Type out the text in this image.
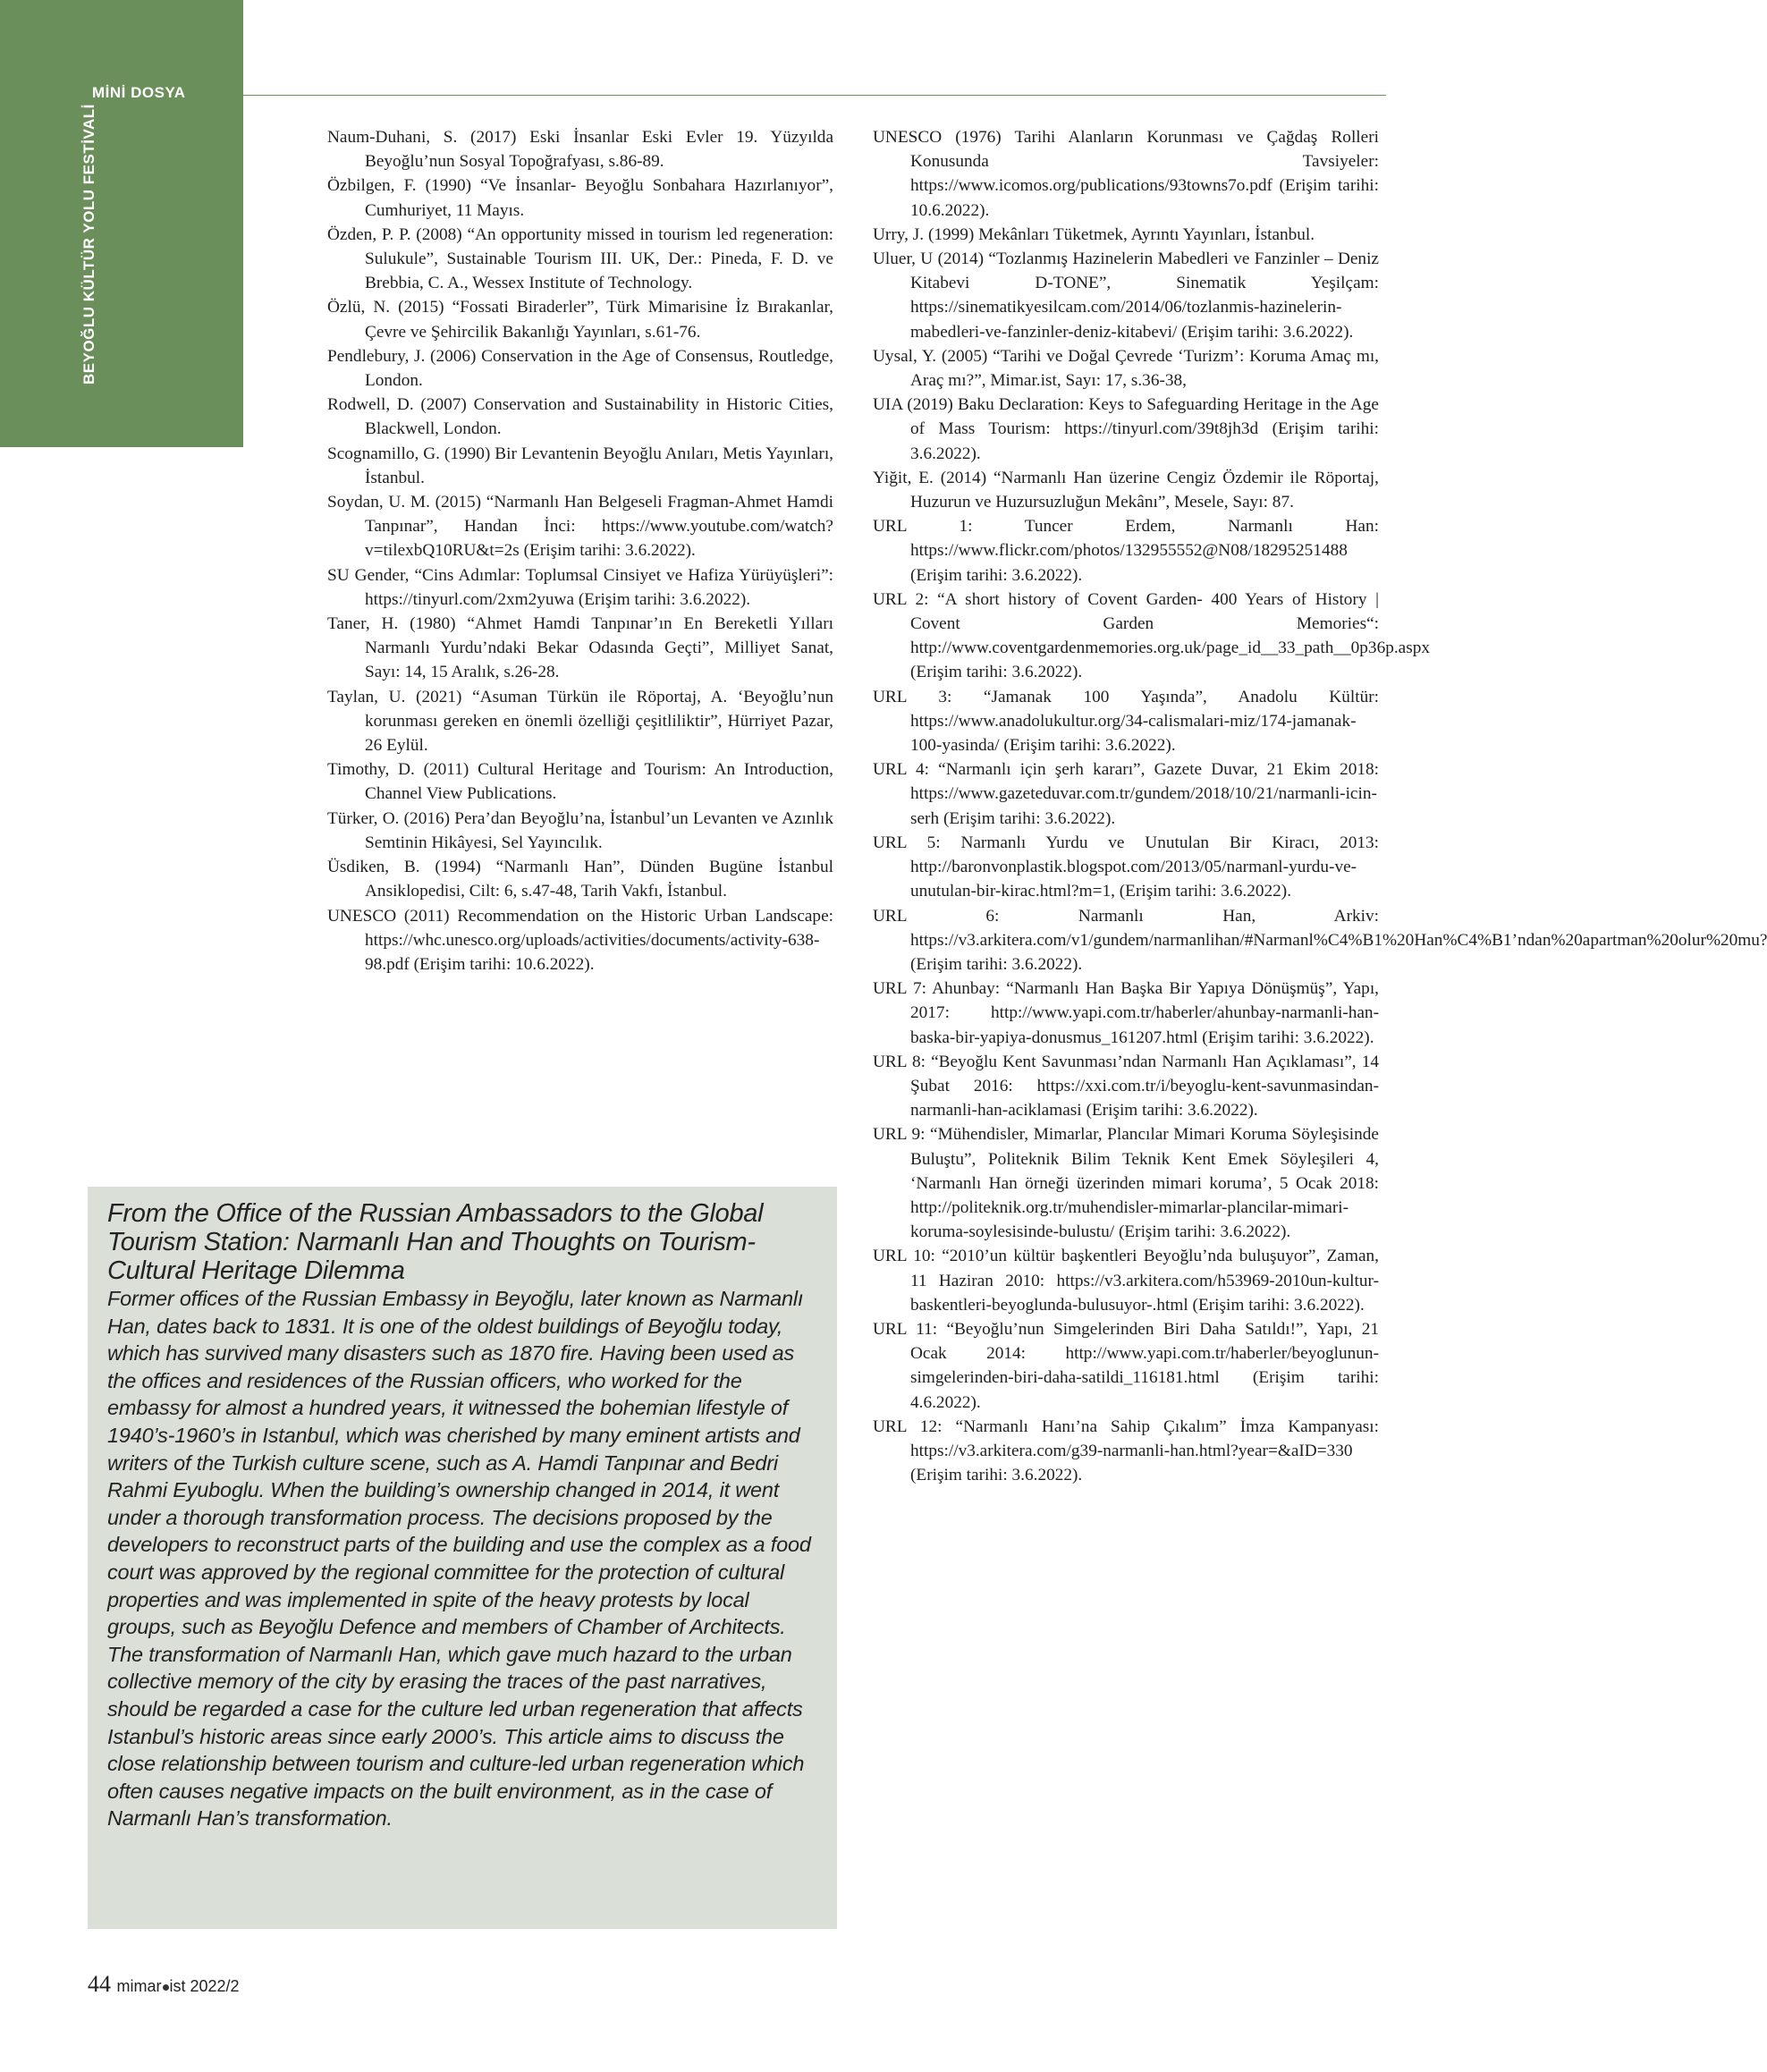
MİNİ DOSYA
BEYOĞLU KÜLTÜR YOLU FESTİVALİ	Naum-Duhani, S. (2017) Eski İnsanlar Eski Evler 19. Yüzyılda Beyoğlu’nun Sosyal Topoğrafyası, s.86-89.

Özbilgen, F. (1990) “Ve İnsanlar- Beyoğlu Sonbahara Hazırlanıyor”, Cumhuriyet, 11 Mayıs.

Özden, P. P. (2008) “An opportunity missed in tourism led regeneration: Sulukule”, Sustainable Tourism III. UK, Der.: Pineda, F. D. ve Brebbia, C. A., Wessex Institute of Technology.

Özlü, N. (2015) “Fossati Biraderler”, Türk Mimarisine İz Bırakanlar, Çevre ve Şehircilik Bakanlığı Yayınları, s.61-76.

Pendlebury, J. (2006) Conservation in the Age of Consensus, Routledge, London.

Rodwell, D. (2007) Conservation and Sustainability in Historic Cities, Blackwell, London.

Scognamillo, G. (1990) Bir Levantenin Beyoğlu Anıları, Metis Yayınları, İstanbul.

Soydan, U. M. (2015) “Narmanlı Han Belgeseli Fragman-Ahmet Hamdi Tanpınar”, Handan İnci: https://www.youtube.com/watch?v=tilexbQ10RU&t=2s (Erişim tarihi: 3.6.2022).

SU Gender, “Cins Adımlar: Toplumsal Cinsiyet ve Hafiza Yürüyüşleri”: https://tinyurl.com/2xm2yuwa (Erişim tarihi: 3.6.2022).

Taner, H. (1980) “Ahmet Hamdi Tanpınar’ın En Bereketli Yılları Narmanlı Yurdu’ndaki Bekar Odasında Geçti”, Milliyet Sanat, Sayı: 14, 15 Aralık, s.26-28.

Taylan, U. (2021) “Asuman Türkün ile Röportaj, A. ‘Beyoğlu’nun korunması gereken en önemli özelliği çeşitliliktir”, Hürriyet Pazar, 26 Eylül.

Timothy, D. (2011) Cultural Heritage and Tourism: An Introduction, Channel View Publications.

Türker, O. (2016) Pera’dan Beyoğlu’na, İstanbul’un Levanten ve Azınlık Semtinin Hikâyesi, Sel Yayıncılık.

Üsdiken, B. (1994) “Narmanlı Han”, Dünden Bugüne İstanbul Ansiklopedisi, Cilt: 6, s.47-48, Tarih Vakfı, İstanbul.

UNESCO (2011) Recommendation on the Historic Urban Landscape: https://whc.unesco.org/uploads/activities/documents/activity-638-98.pdf (Erişim tarihi: 10.6.2022).

UNESCO (1976) Tarihi Alanların Korunması ve Çağdaş Rolleri Konusunda Tavsiyeler: https://www.icomos.org/publications/93towns7o.pdf (Erişim tarihi: 10.6.2022).

Urry, J. (1999) Mekânları Tüketmek, Ayrıntı Yayınları, İstanbul.

Uluer, U (2014) “Tozlanmış Hazinelerin Mabedleri ve Fanzinler – Deniz Kitabevi D-TONE”, Sinematik Yeşilçam: https://sinematikyesilcam.com/2014/06/tozlanmis-hazinelerin-mabedleri-ve-fanzinler-deniz-kitabevi/ (Erişim tarihi: 3.6.2022).

Uysal, Y. (2005) “Tarihi ve Doğal Çevrede ‘Turizm’: Koruma Amaç mı, Araç mı?”, Mimar.ist, Sayı: 17, s.36-38,

UIA (2019) Baku Declaration: Keys to Safeguarding Heritage in the Age of Mass Tourism: https://tinyurl.com/39t8jh3d (Erişim tarihi: 3.6.2022).

Yiğit, E. (2014) “Narmanlı Han üzerine Cengiz Özdemir ile Röportaj, Huzurun ve Huzursuzluğun Mekânı”, Mesele, Sayı: 87.

URL 1: Tuncer Erdem, Narmanlı Han: https://www.flickr.com/photos/132955552@N08/18295251488 (Erişim tarihi: 3.6.2022).

URL 2: “A short history of Covent Garden- 400 Years of History | Covent Garden Memories“: http://www.coventgardenmemories.org.uk/page_id__33_path__0p36p.aspx (Erişim tarihi: 3.6.2022).

URL 3: “Jamanak 100 Yaşında”, Anadolu Kültür: https://www.anadolukultur.org/34-calismalari-miz/174-jamanak-100-yasinda/ (Erişim tarihi: 3.6.2022).

URL 4: “Narmanlı için şerh kararı”, Gazete Duvar, 21 Ekim 2018: https://www.gazeteduvar.com.tr/gundem/2018/10/21/narmanli-icin-serh (Erişim tarihi: 3.6.2022).

URL 5: Narmanlı Yurdu ve Unutulan Bir Kiracı, 2013: http://baronvonplastik.blogspot.com/2013/05/narmanl-yurdu-ve-unutulan-bir-kirac.html?m=1, (Erişim tarihi: 3.6.2022).

URL 6: Narmanlı Han, Arkiv: https://v3.arkitera.com/v1/gundem/narmanlihan/#Narmanl%C4%B1%20Han%C4%B1’ndan%20apartman%20olur%20mu? (Erişim tarihi: 3.6.2022).

URL 7: Ahunbay: “Narmanlı Han Başka Bir Yapıya Dönüşmüş”, Yapı, 2017: http://www.yapi.com.tr/haberler/ahunbay-narmanli-han-baska-bir-yapiya-donusmus_161207.html (Erişim tarihi: 3.6.2022).

URL 8: “Beyoğlu Kent Savunması’ndan Narmanlı Han Açıklaması”, 14 Şubat 2016: https://xxi.com.tr/i/beyoglu-kent-savunmasindan-narmanli-han-aciklamasi (Erişim tarihi: 3.6.2022).

URL 9: “Mühendisler, Mimarlar, Plancılar Mimari Koruma Söyleşisinde Buluştu”, Politeknik Bilim Teknik Kent Emek Söyleşileri 4, ‘Narmanlı Han örneği üzerinden mimari koruma’, 5 Ocak 2018: http://politeknik.org.tr/muhendisler-mimarlar-plancilar-mimari-koruma-soylesisinde-bulustu/ (Erişim tarihi: 3.6.2022).

URL 10: “2010’un kültür başkentleri Beyoğlu’nda buluşuyor”, Zaman, 11 Haziran 2010: https://v3.arkitera.com/h53969-2010un-kultur-baskentleri-beyoglunda-bulusuyor-.html (Erişim tarihi: 3.6.2022).

URL 11: “Beyoğlu’nun Simgelerinden Biri Daha Satıldı!”, Yapı, 21 Ocak 2014: http://www.yapi.com.tr/haberler/beyoglunun-simgelerinden-biri-daha-satildi_116181.html (Erişim tarihi: 4.6.2022).

URL 12: “Narmanlı Hanı’na Sahip Çıkalım” İmza Kampanyası: https://v3.arkitera.com/g39-narmanli-han.html?year=&aID=330 (Erişim tarihi: 3.6.2022).

From the Office of the Russian Ambassadors to the Global Tourism Station: Narmanlı Han and Thoughts on Tourism-Cultural Heritage Dilemma

Former offices of the Russian Embassy in Beyoğlu, later known as Narmanlı Han, dates back to 1831. It is one of the oldest buildings of Beyoğlu today, which has survived many disasters such as 1870 fire. Having been used as the offices and residences of the Russian officers, who worked for the embassy for almost a hundred years, it witnessed the bohemian lifestyle of 1940’s-1960’s in Istanbul, which was cherished by many eminent artists and writers of the Turkish culture scene, such as A. Hamdi Tanpınar and Bedri Rahmi Eyuboglu. When the building’s ownership changed in 2014, it went under a thorough transformation process. The decisions proposed by the developers to reconstruct parts of the building and use the complex as a food court was approved by the regional committee for the protection of cultural properties and was implemented in spite of the heavy protests by local groups, such as Beyoğlu Defence and members of Chamber of Architects. The transformation of Narmanlı Han, which gave much hazard to the urban collective memory of the city by erasing the traces of the past narratives, should be regarded a case for the culture led urban regeneration that affects Istanbul’s historic areas since early 2000’s. This article aims to discuss the close relationship between tourism and culture-led urban regeneration which often causes negative impacts on the built environment, as in the case of Narmanlı Han’s transformation.

44 mimar ist 2022/2
